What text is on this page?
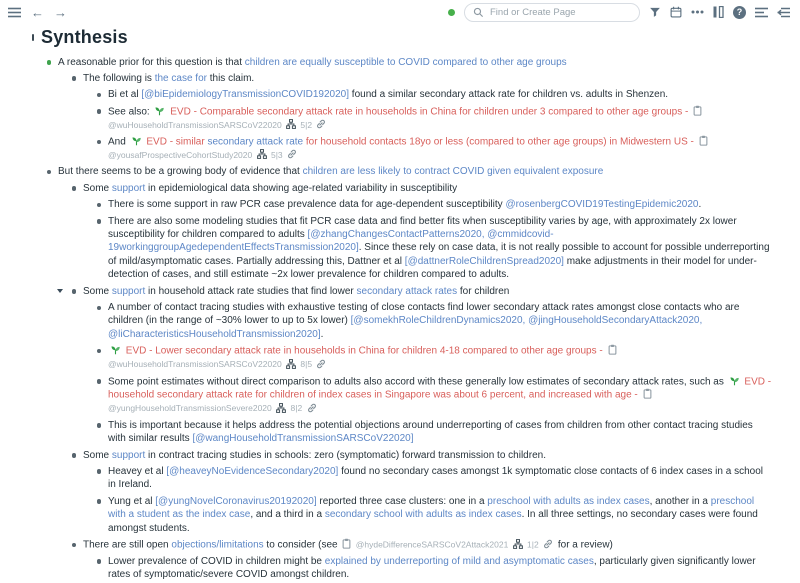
← →
Find or Create Page	?
Synthesis
A reasonable prior for this question is that children are equally susceptible to COVID compared to other age groups
The following is the case for this claim.
Bi et al [@biEpidemiologyTransmissionCOVID192020] found a similar secondary attack rate for children vs. adults in Shenzen.
See also:
EVD - Comparable secondary attack rate in households in China for children under 3 compared to other age groups -
@wuHouseholdTransmissionSARSCoV22020
5|2
And
EVD - similar secondary attack rate for household contacts 18yo or less (compared to other age groups) in Midwestern US -
@yousafProspectiveCohortStudy2020
5|3
But there seems to be a growing body of evidence that children are less likely to contract COVID given equivalent exposure
Some support in epidemiological data showing age-related variability in susceptibility
There is some support in raw PCR case prevalence data for age-dependent susceptibility @rosenbergCOVID19TestingEpidemic2020.
There are also some modeling studies that fit PCR case data and find better fits when susceptibility varies by age, with approximately 2x lower susceptibility for children compared to adults [@zhangChangesContactPatterns2020, @cmmidcovid-19workinggroupAgedependentEffectsTransmission2020]. Since these rely on case data, it is not really possible to account for possible underreporting of mild/asymptomatic cases. Partially addressing this, Dattner et al [@dattnerRoleChildrenSpread2020] make adjustments in their model for under-detection of cases, and still estimate ~2x lower prevalence for children compared to adults.
Some support in household attack rate studies that find lower secondary attack rates for children
A number of contact tracing studies with exhaustive testing of close contacts find lower secondary attack rates amongst close contacts who are children (in the range of ~30% lower to up to 5x lower) [@somekhRoleChildrenDynamics2020, @jingHouseholdSecondaryAttack2020, @liCharacteristicsHouseholdTransmission2020].
EVD - Lower secondary attack rate in households in China for children 4-18 compared to other age groups -
@wuHouseholdTransmissionSARSCoV22020
8|5
Some point estimates without direct comparison to adults also accord with these generally low estimates of secondary attack rates, such as
EVD - household secondary attack rate for children of index cases in Singapore was about 6 percent, and increased with age -
@yungHouseholdTransmissionSevere2020
8|2
This is important because it helps address the potential objections around underreporting of cases from children from other contact tracing studies with similar results [@wangHouseholdTransmissionSARSCoV22020]
Some support in contract tracing studies in schools: zero (symptomatic) forward transmission to children.
Heavey et al [@heaveyNoEvidenceSecondary2020] found no secondary cases amongst 1k symptomatic close contacts of 6 index cases in a school in Ireland.
Yung et al [@yungNovelCoronavirus20192020] reported three case clusters: one in a preschool with adults as index cases, another in a preschool with a student as the index case, and a third in a secondary school with adults as index cases. In all three settings, no secondary cases were found amongst students.
There are still open objections/limitations to consider (see
@hydeDifferenceSARSCoV2Attack2021
1|2
for a review)
Lower prevalence of COVID in children might be explained by underreporting of mild and asymptomatic cases, particularly given significantly lower rates of symptomatic/severe COVID amongst children.
